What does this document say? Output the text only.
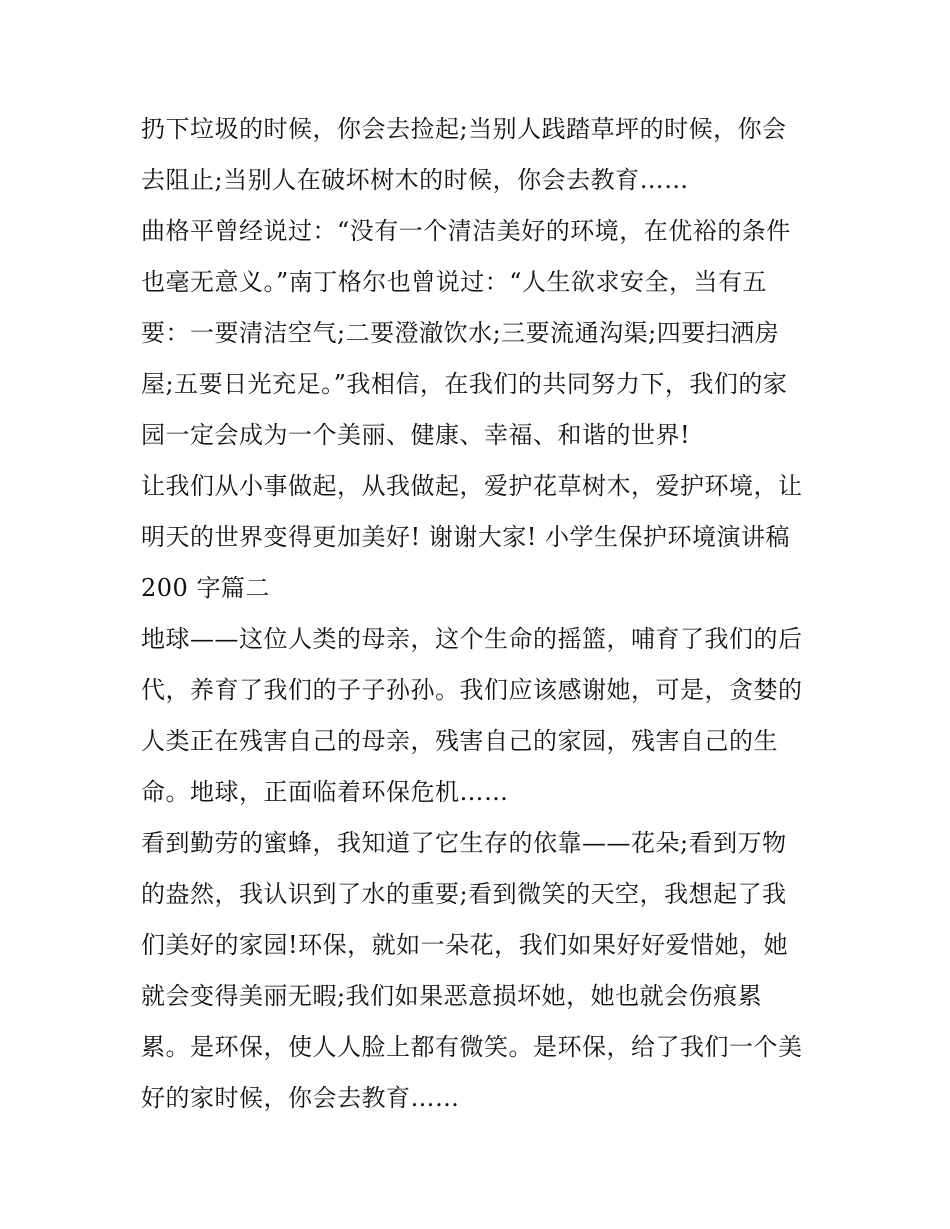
扔下垃圾的时候，你会去捡起;当别人践踏草坪的时候，你会
去阻止;当别人在破坏树木的时候，你会去教育……
曲格平曾经说过：“没有一个清洁美好的环境，在优裕的条件
也毫无意义。”南丁格尔也曾说过：“人生欲求安全，当有五
要：一要清洁空气;二要澄澈饮水;三要流通沟渠;四要扫洒房
屋;五要日光充足。”我相信，在我们的共同努力下，我们的家
园一定会成为一个美丽、健康、幸福、和谐的世界!
让我们从小事做起，从我做起，爱护花草树木，爱护环境，让
明天的世界变得更加美好! 谢谢大家! 小学生保护环境演讲稿
200 字篇二
地球——这位人类的母亲，这个生命的摇篮，哺育了我们的后
代，养育了我们的子子孙孙。我们应该感谢她，可是，贪婪的
人类正在残害自己的母亲，残害自己的家园，残害自己的生
命。地球，正面临着环保危机……
看到勤劳的蜜蜂，我知道了它生存的依靠——花朵;看到万物
的盎然，我认识到了水的重要;看到微笑的天空，我想起了我
们美好的家园!环保，就如一朵花，我们如果好好爱惜她，她
就会变得美丽无暇;我们如果恶意损坏她，她也就会伤痕累
累。是环保，使人人脸上都有微笑。是环保，给了我们一个美
好的家时候，你会去教育……
